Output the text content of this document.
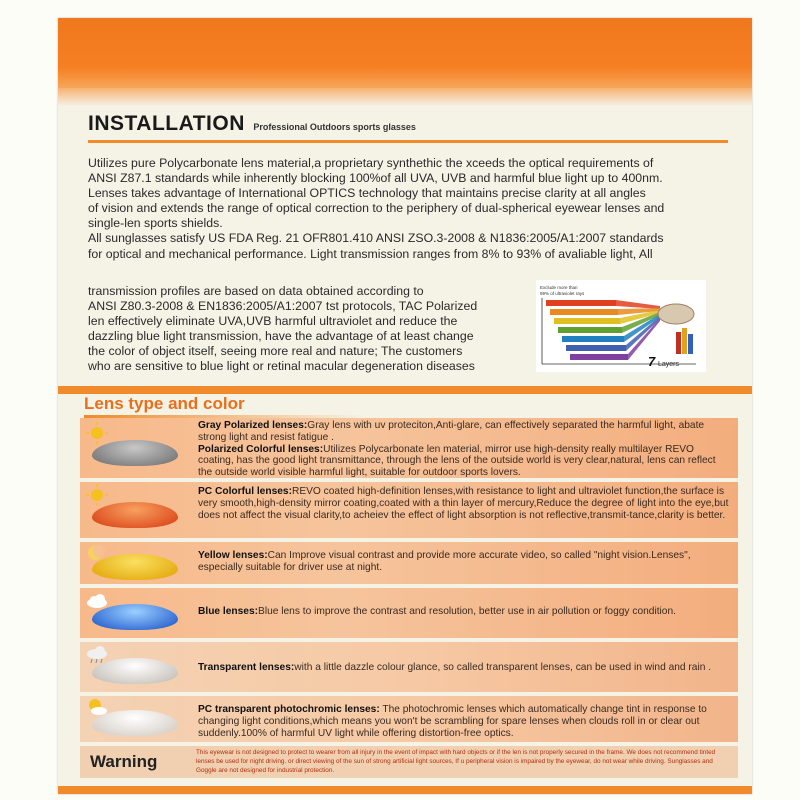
INSTALLATION Professional Outdoors sports glasses

Utilizes pure Polycarbonate lens material,a proprietary synthethic the xceeds the optical requirements of

ANSI Z87.1 standards while inherently blocking 100%of all UVA, UVB and harmful blue light up to 400nm.

Lenses takes advantage of International OPTICS technology that maintains precise clarity at all angles

of vision and extends the range of optical correction to the periphery of dual-spherical eyewear lenses and

single-len sports shields.

All sunglasses satisfy US FDA Reg. 21 OFR801.410 ANSI ZSO.3-2008 & N1836:2005/A1:2007 standards

for optical and mechanical performance. Light transmission ranges from 8% to 93% of avaliable light, All

transmission profiles are based on data obtained according to

ANSI Z80.3-2008 & EN1836:2005/A1:2007 tst protocols, TAC Polarized

len effectively eliminate UVA,UVB harmful ultraviolet and reduce the

dazzling blue light transmission, have the advantage of at least change

the color of object itself, seeing more real and nature; The customers

who are sensitive to blue light or retinal macular degeneration diseases

Exclude more than
99% of ultraviolet rays
7 Layers
Lens type and color
Gray Polarized lenses:Gray lens with uv proteciton,Anti-glare, can effectively separated the harmful light, abate strong light and resist fatigue .
Polarized Colorful lenses:Utilizes Polycarbonate len material, mirror use high-density really multilayer REVO coating, has the good light transmittance, through the lens of the outside world is very clear,natural, lens can reflect the outside world visible harmful light, suitable for outdoor sports lovers.
PC Colorful lenses:REVO coated high-definition lenses,with resistance to light and ultraviolet function,the surface is very smooth,high-density mirror coating,coated with a thin layer of mercury,Reduce the degree of light into the eye,but does not affect the visual clarity,to acheiev the effect of light absorption is not reflective,transmit-tance,clarity is better.
Yellow lenses:Can Improve visual contrast and provide more accurate video, so called "night vision.Lenses", especially suitable for driver use at night.
Blue lenses:Blue lens to improve the contrast and resolution, better use in air pollution or foggy condition.
Transparent lenses:with a little dazzle colour glance, so called transparent lenses, can be used in wind and rain .
PC transparent photochromic lenses: The photochromic lenses which automatically change tint in response to changing light conditions,which means you won't be scrambling for spare lenses when clouds roll in or clear out suddenly.100% of harmful UV light while offering distortion-free optics.
Warning	This eyewear is not designed to protect to wearer from all injury in the event of impact with hard objects or if the len is not properly secured in the frame. We does not recommend tinted lenses be used for night driving. or direct viewing of the sun of strong artificial light sources, If u peripheral vision is impaired by the eyewear, do not wear while driving. Sunglasses and Goggle are not designed for industrial protection.
